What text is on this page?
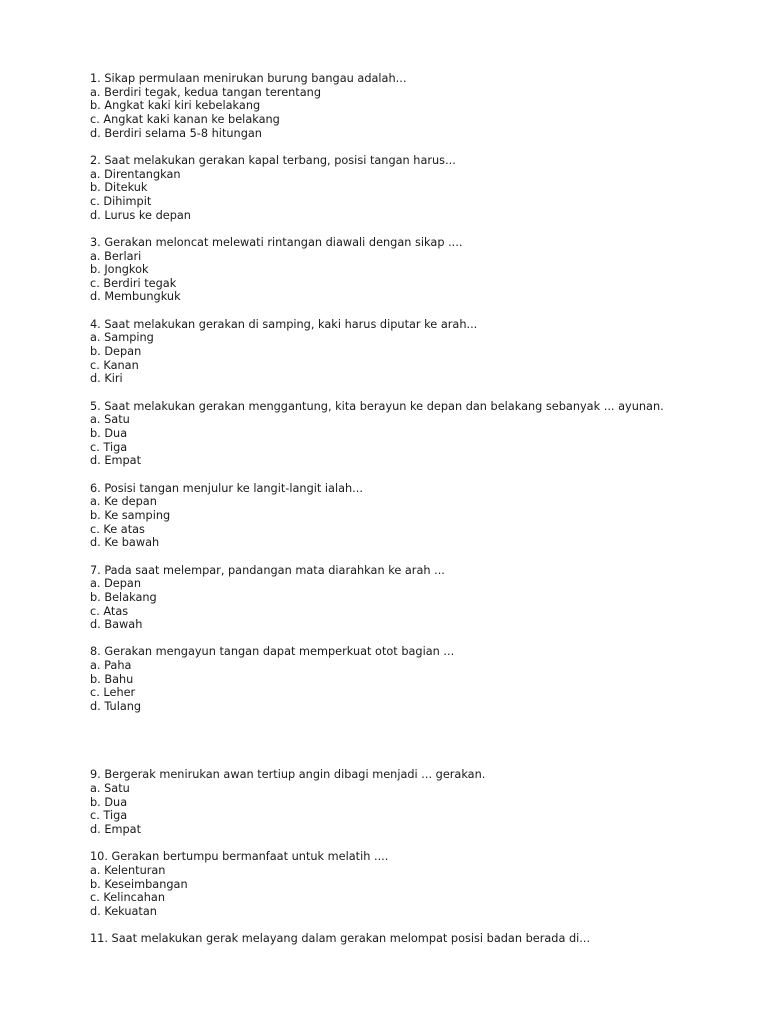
1. Sikap permulaan menirukan burung bangau adalah...
a. Berdiri tegak, kedua tangan terentang
b. Angkat kaki kiri kebelakang
c. Angkat kaki kanan ke belakang
d. Berdiri selama 5-8 hitungan
2. Saat melakukan gerakan kapal terbang, posisi tangan harus...
a. Direntangkan
b. Ditekuk
c. Dihimpit
d. Lurus ke depan
3. Gerakan meloncat melewati rintangan diawali dengan sikap ....
a. Berlari
b. Jongkok
c. Berdiri tegak
d. Membungkuk
4. Saat melakukan gerakan di samping, kaki harus diputar ke arah...
a. Samping
b. Depan
c. Kanan
d. Kiri
5. Saat melakukan gerakan menggantung, kita berayun ke depan dan belakang sebanyak ... ayunan.
a. Satu
b. Dua
c. Tiga
d. Empat
6. Posisi tangan menjulur ke langit-langit ialah...
a. Ke depan
b. Ke samping
c. Ke atas
d. Ke bawah
7. Pada saat melempar, pandangan mata diarahkan ke arah ...
a. Depan
b. Belakang
c. Atas
d. Bawah
8. Gerakan mengayun tangan dapat memperkuat otot bagian ...
a. Paha
b. Bahu
c. Leher
d. Tulang
9. Bergerak menirukan awan tertiup angin dibagi menjadi ... gerakan.
a. Satu
b. Dua
c. Tiga
d. Empat
10. Gerakan bertumpu bermanfaat untuk melatih ....
a. Kelenturan
b. Keseimbangan
c. Kelincahan
d. Kekuatan
11. Saat melakukan gerak melayang dalam gerakan melompat posisi badan berada di...
